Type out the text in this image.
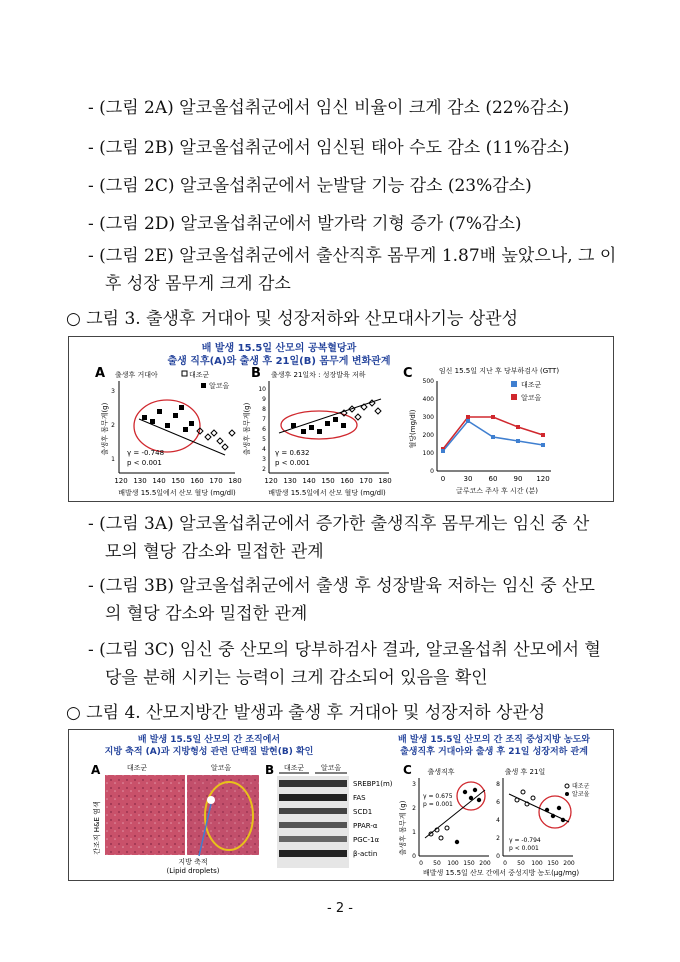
- (그림 2A) 알코올섭취군에서 임신 비율이 크게 감소 (22%감소)
- (그림 2B) 알코올섭취군에서 임신된 태아 수도 감소 (11%감소)
- (그림 2C) 알코올섭취군에서 눈발달 기능 감소 (23%감소)
- (그림 2D) 알코올섭취군에서 발가락 기형 증가 (7%감소)
- (그림 2E) 알코올섭취군에서 출산직후 몸무게 1.87배 높았으나, 그 이
후 성장 몸무게 크게 감소
○ 그림 3. 출생후 거대아 및 성장저하와 산모대사기능 상관성
배 발생 15.5일 산모의 공복혈당과
출생 직후(A)와 출생 후 21일(B) 몸무게 변화관계
A 출생후 거대아	대조군
알코올
출생후 몸무게(g)
3
2
1
120 130 140 150 160 170 180
γ = -0.748
p < 0.001
배발생 15.5일에서 산모 혈당 (mg/dl)
B 출생후 21일차 : 성장발육 저하
출생후 몸무게(g)
2
3
4
5
6
7
8
9
10
120 130 140 150 160 170 180
γ = 0.632
p < 0.001
배발생 15.5일에서 산모 혈당 (mg/dl)
C	임신 15.5일 지난 후 당부하검사 (GTT)
대조군
알코올
혈당(mg/dl)
0
100
200
300
400
500
0	30 60 90 120
글루코스 주사 후 시간 (분)
- (그림 3A) 알코올섭취군에서 증가한 출생직후 몸무게는 임신 중 산
모의 혈당 감소와 밀접한 관계
- (그림 3B) 알코올섭취군에서 출생 후 성장발육 저하는 임신 중 산모
의 혈당 감소와 밀접한 관계
- (그림 3C) 임신 중 산모의 당부하검사 결과, 알코올섭취 산모에서 혈
당을 분해 시키는 능력이 크게 감소되어 있음을 확인
○ 그림 4. 산모지방간 발생과 출생 후 거대아 및 성장저하 상관성
배 발생 15.5일 산모의 간 조직에서
지방 축적 (A)과 지방형성 관련 단백질 발현(B) 확인
배 발생 15.5일 산모의 간 조직 중성지방 농도와
출생직후 거대아와 출생 후 21일 성장저하 관계
A	대조군	알코올
간조직 H&E 염색
지방 축적
(Lipid droplets)
B 대조군 알코올
SREBP1(m)
FAS
SCD1
PPAR-α
PGC-1α
β-actin
C 출생직후	출생 후 21일
출생후 몸무게 (g)
0
1
2
3
0 50 100 150 200
γ = 0.675
p = 0.001
0
2
4
6
8
0 50 100 150 200
대조군
알코올
γ = -0.794
p < 0.001
배발생 15.5일 산모 간에서 중성지방 농도(μg/mg)
- 2 -
